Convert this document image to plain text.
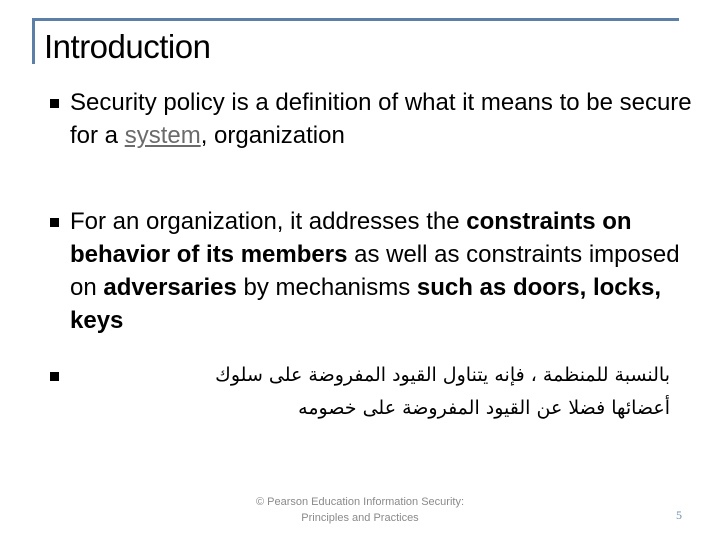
Introduction
Security policy is a definition of what it means to be secure for a system, organization
For an organization, it addresses the constraints on behavior of its members as well as constraints imposed on adversaries by mechanisms such as doors, locks, keys
بالنسبة للمنظمة ، فإنه يتناول القيود المفروضة على سلوك
أعضائها فضلا عن القيود المفروضة على خصومه
© Pearson Education Information Security:
Principles and Practices	5
